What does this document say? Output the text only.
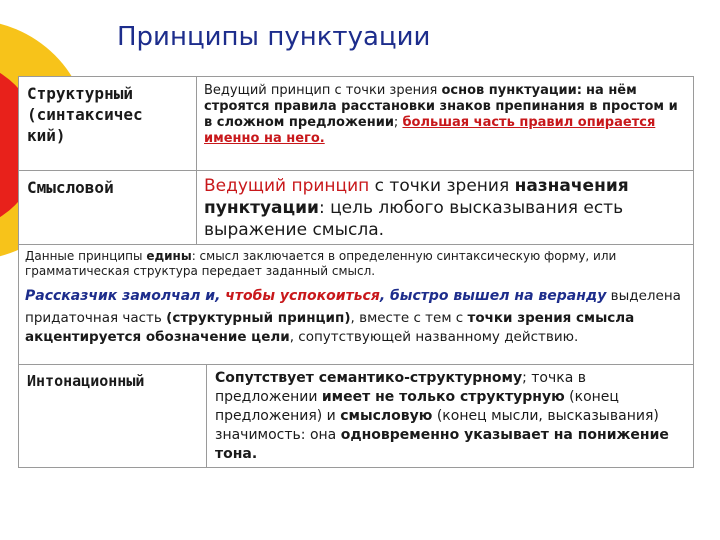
Принципы пунктуации
Структурный
(синтаксичес
кий)
Ведущий принцип с точки зрения основ пунктуации: на нём строятся правила расстановки знаков препинания в простом и в сложном предложении; большая часть правил опирается именно на него.
Смысловой	Ведущий принцип с точки зрения назначения пунктуации: цель любого высказывания есть выражение смысла.
Данные принципы едины: смысл заключается в определенную синтаксическую форму, или грамматическая структура передает заданный смысл.
Рассказчик замолчал и, чтобы успокоиться, быстро вышел на веранду выделена придаточная часть (структурный принцип), вместе с тем с точки зрения смысла акцентируется обозначение цели, сопутствующей названному действию.
Интонационный	Сопутствует семантико-структурному; точка в предложении имеет не только структурную (конец предложения) и смысловую (конец мысли, высказывания) значимость: она одновременно указывает на понижение тона.
